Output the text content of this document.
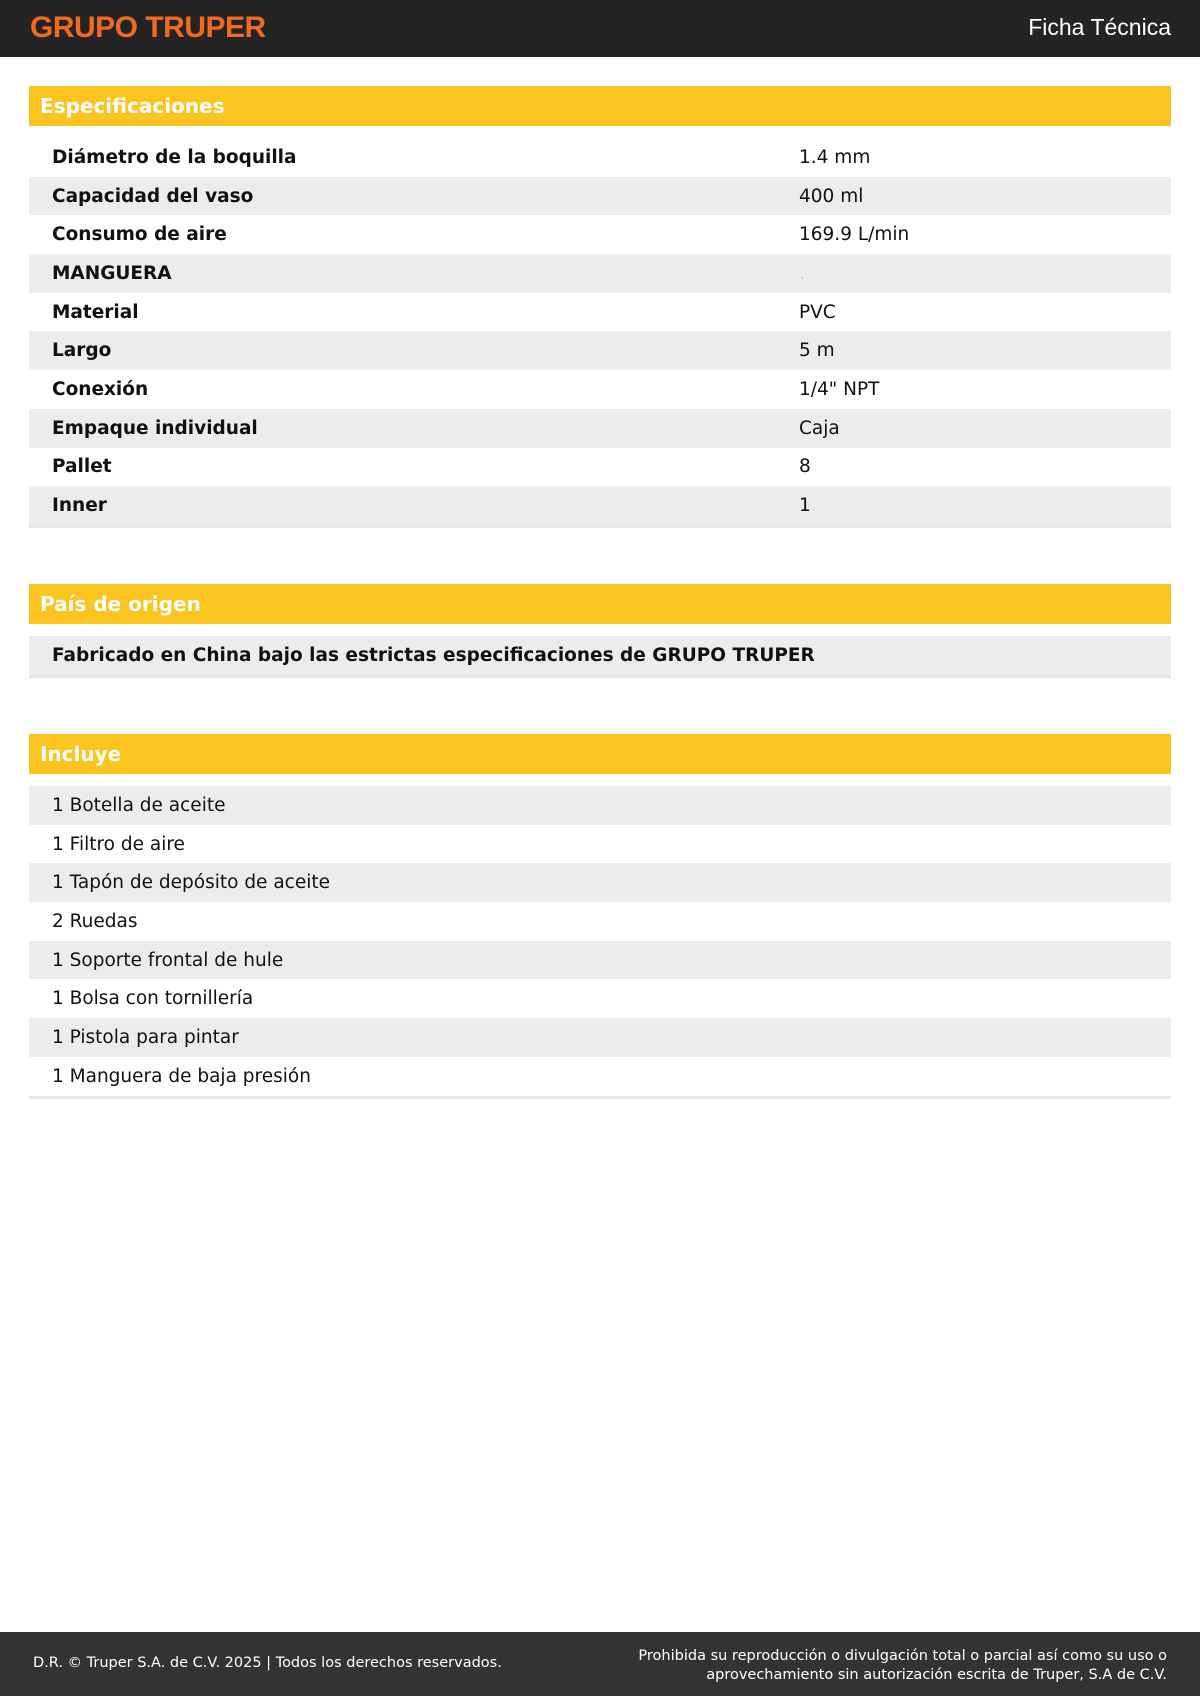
GRUPO TRUPER	Ficha Técnica
Especificaciones
Diámetro de la boquilla	1.4 mm
Capacidad del vaso	400 ml
Consumo de aire	169.9 L/min
MANGUERA	.
Material	PVC
Largo	5 m
Conexión	1/4" NPT
Empaque individual	Caja
Pallet	8
Inner	1
País de origen
Fabricado en China bajo las estrictas especificaciones de GRUPO TRUPER
Incluye
1 Botella de aceite
1 Filtro de aire
1 Tapón de depósito de aceite
2 Ruedas
1 Soporte frontal de hule
1 Bolsa con tornillería
1 Pistola para pintar
1 Manguera de baja presión
D.R. © Truper S.A. de C.V. 2025 | Todos los derechos reservados.	Prohibida su reproducción o divulgación total o parcial así como su uso o
aprovechamiento sin autorización escrita de Truper, S.A de C.V.
